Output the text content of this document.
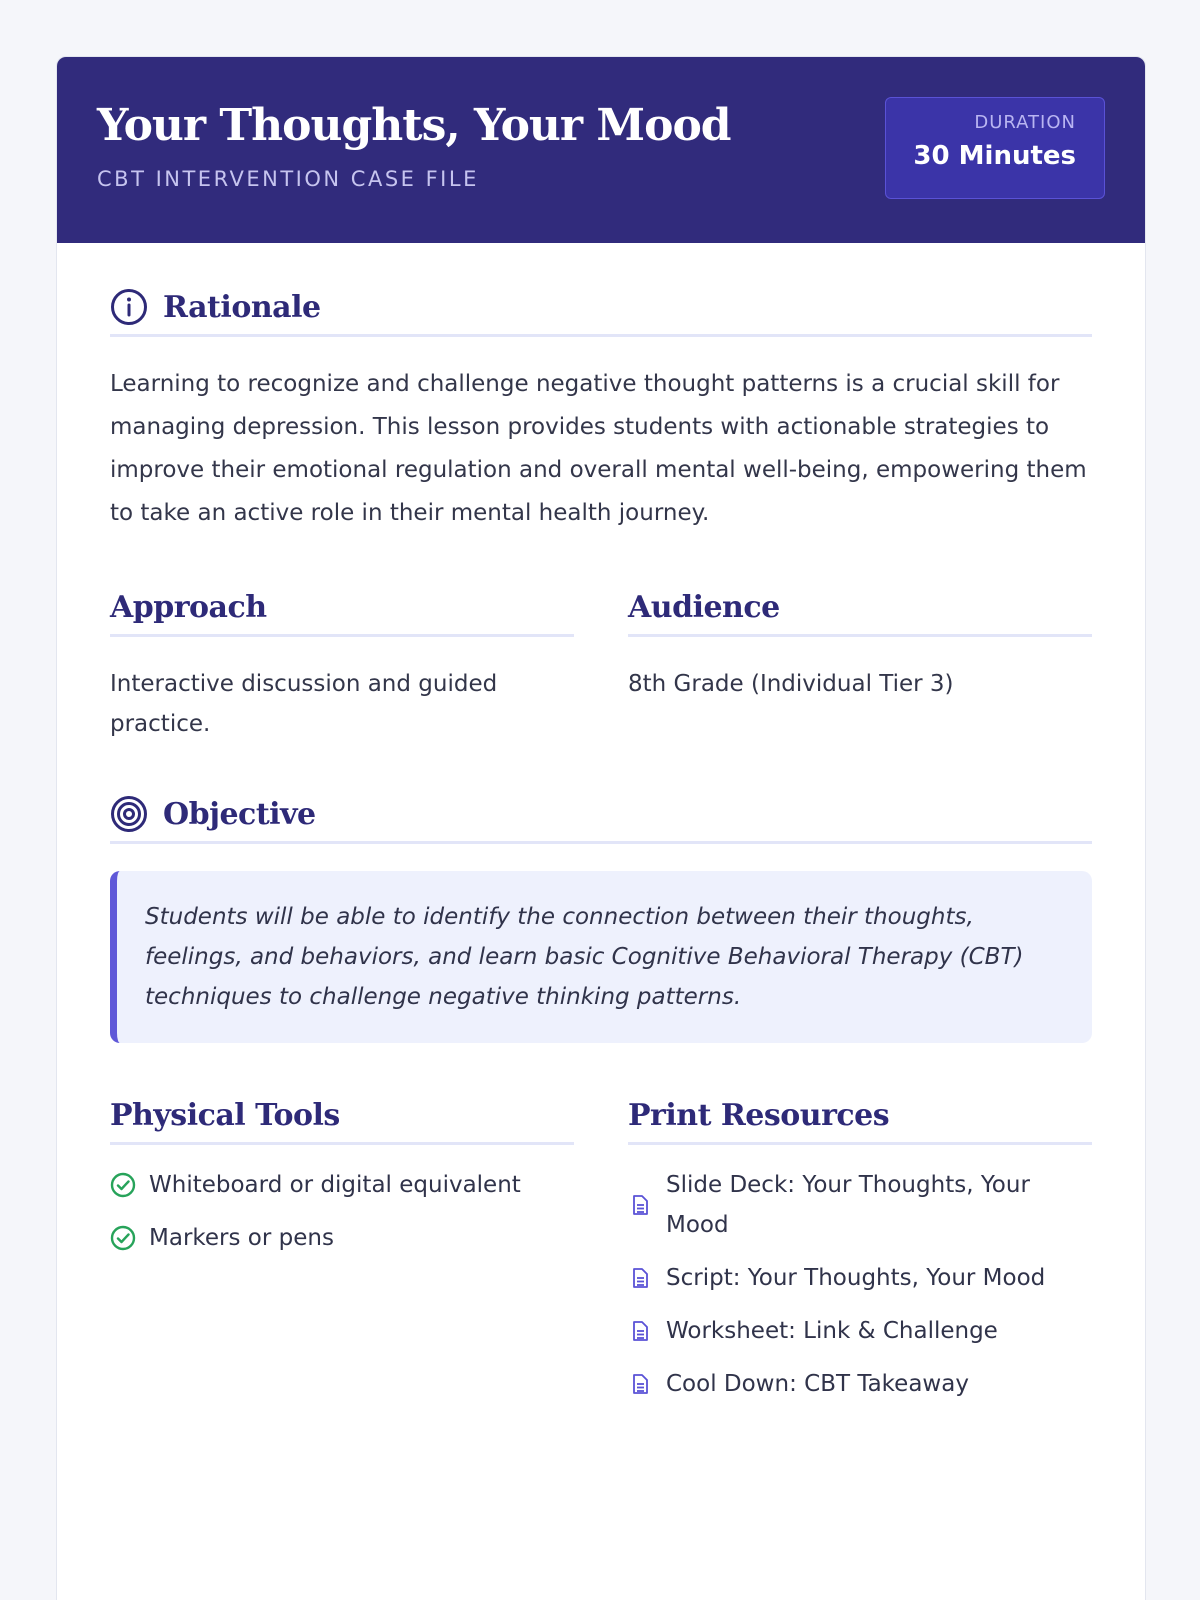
Your Thoughts, Your Mood
CBT INTERVENTION CASE FILE
DURATION
30 Minutes
Rationale

Learning to recognize and challenge negative thought patterns is a crucial skill for managing depression. This lesson provides students with actionable strategies to improve their emotional regulation and overall mental well-being, empowering them to take an active role in their mental health journey.

Approach

Interactive discussion and guided practice.

Audience

8th Grade (Individual Tier 3)

Objective
Students will be able to identify the connection between their thoughts, feelings, and behaviors, and learn basic Cognitive Behavioral Therapy (CBT) techniques to challenge negative thinking patterns.
Physical Tools
Whiteboard or digital equivalent
Markers or pens
Print Resources
Slide Deck: Your Thoughts, Your Mood
Script: Your Thoughts, Your Mood
Worksheet: Link & Challenge
Cool Down: CBT Takeaway
